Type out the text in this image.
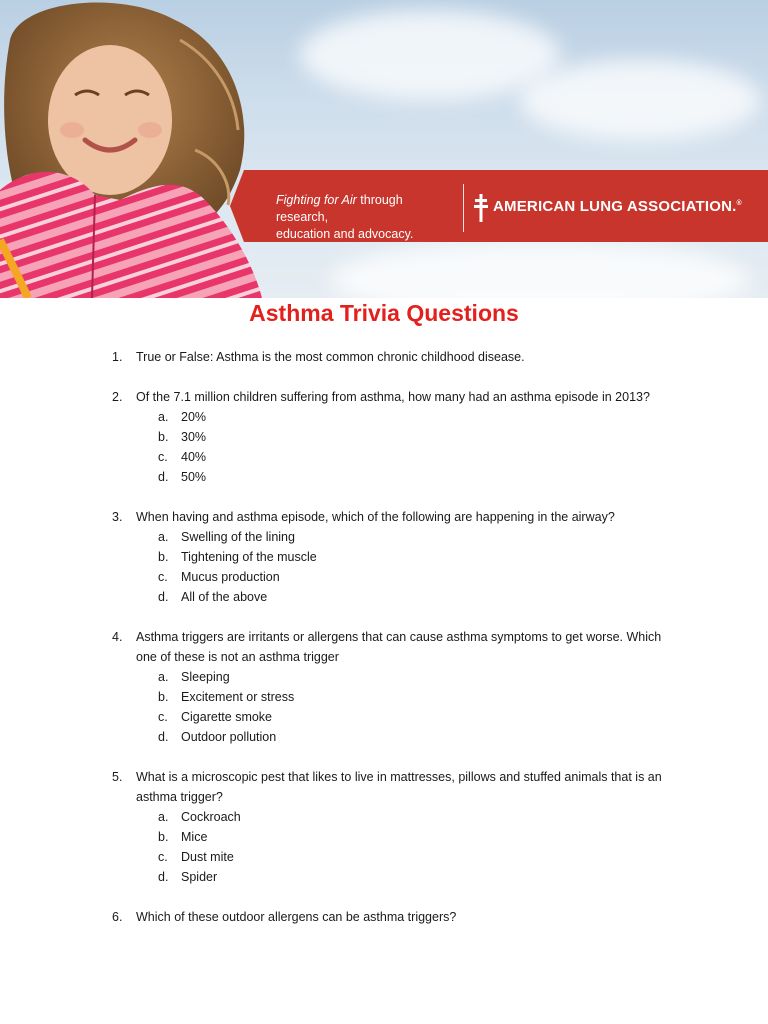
Fighting for Air through research,
education and advocacy.
AMERICAN LUNG ASSOCIATION.®
Asthma Trivia Questions
1. True or False: Asthma is the most common chronic childhood disease.
2. Of the 7.1 million children suffering from asthma, how many had an asthma episode in 2013?
a. 20%
b. 30%
c. 40%
d. 50%
3. When having and asthma episode, which of the following are happening in the airway?
a. Swelling of the lining
b. Tightening of the muscle
c. Mucus production
d. All of the above
4. Asthma triggers are irritants or allergens that can cause asthma symptoms to get worse. Which one of these is not an asthma trigger
a. Sleeping
b. Excitement or stress
c. Cigarette smoke
d. Outdoor pollution
5. What is a microscopic pest that likes to live in mattresses, pillows and stuffed animals that is an asthma trigger?
a. Cockroach
b. Mice
c. Dust mite
d. Spider
6. Which of these outdoor allergens can be asthma triggers?
